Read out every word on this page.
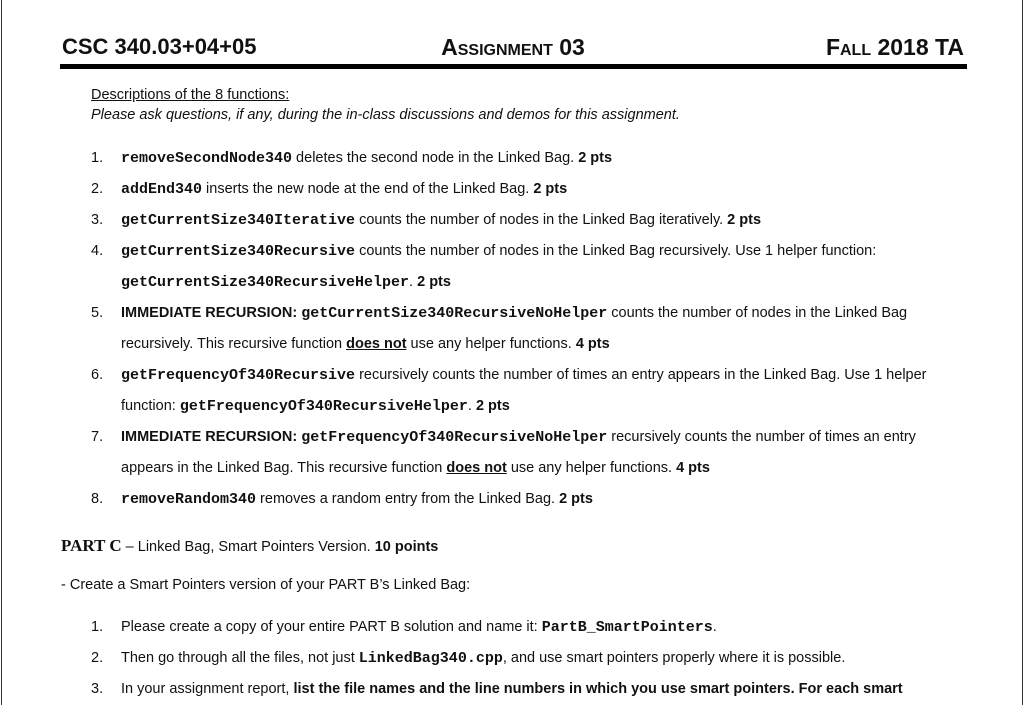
CSC 340.03+04+05	Assignment 03	Fall 2018 TA
Descriptions of the 8 functions:
Please ask questions, if any, during the in-class discussions and demos for this assignment.
1. removeSecondNode340 deletes the second node in the Linked Bag. 2 pts
2. addEnd340 inserts the new node at the end of the Linked Bag. 2 pts
3. getCurrentSize340Iterative counts the number of nodes in the Linked Bag iteratively. 2 pts
4. getCurrentSize340Recursive counts the number of nodes in the Linked Bag recursively. Use 1 helper function:
getCurrentSize340RecursiveHelper. 2 pts
5. IMMEDIATE RECURSION: getCurrentSize340RecursiveNoHelper counts the number of nodes in the Linked Bag recursively. This recursive function does not use any helper functions. 4 pts
6. getFrequencyOf340Recursive recursively counts the number of times an entry appears in the Linked Bag. Use 1 helper function: getFrequencyOf340RecursiveHelper. 2 pts
7. IMMEDIATE RECURSION: getFrequencyOf340RecursiveNoHelper recursively counts the number of times an entry appears in the Linked Bag. This recursive function does not use any helper functions. 4 pts
8. removeRandom340 removes a random entry from the Linked Bag. 2 pts
PART C – Linked Bag, Smart Pointers Version. 10 points
- Create a Smart Pointers version of your PART B’s Linked Bag:
1. Please create a copy of your entire PART B solution and name it: PartB_SmartPointers.
2. Then go through all the files, not just LinkedBag340.cpp, and use smart pointers properly where it is possible.
3. In your assignment report, list the file names and the line numbers in which you use smart pointers. For each smart
